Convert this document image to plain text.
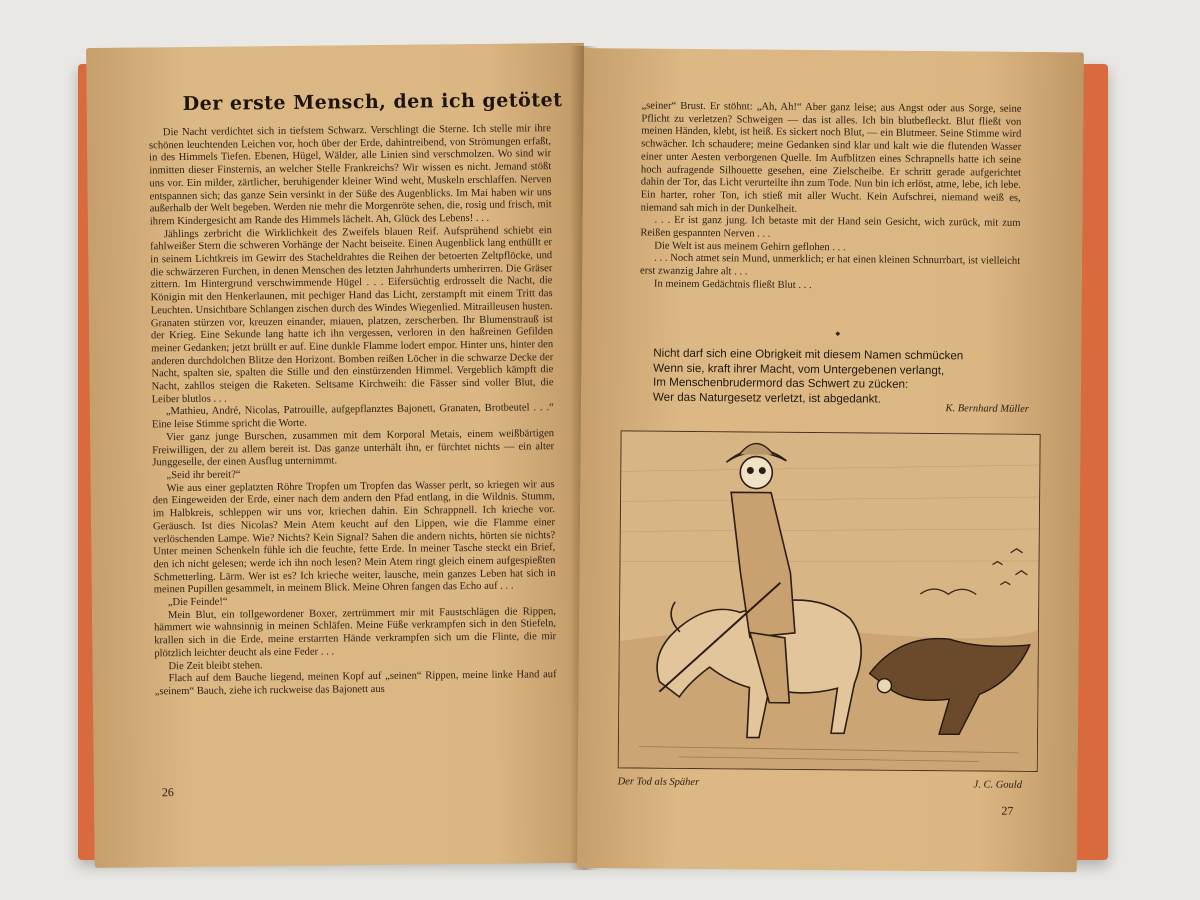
Der erste Mensch, den ich getötet

Die Nacht verdichtet sich in tiefstem Schwarz. Verschlingt die Sterne. Ich stelle mir ihre schönen leuchtenden Leichen vor, hoch über der Erde, dahintreibend, von Strömungen erfaßt, in des Himmels Tiefen. Ebenen, Hügel, Wälder, alle Linien sind verschmolzen. Wo sind wir inmitten dieser Finsternis, an welcher Stelle Frankreichs? Wir wissen es nicht. Jemand stößt uns vor. Ein milder, zärtlicher, beruhigender kleiner Wind weht, Muskeln erschlaffen. Nerven entspannen sich; das ganze Sein versinkt in der Süße des Augenblicks. Im Mai haben wir uns außerhalb der Welt begeben. Werden nie mehr die Morgenröte sehen, die, rosig und frisch, mit ihrem Kindergesicht am Rande des Himmels lächelt. Ah, Glück des Lebens! . . .

Jählings zerbricht die Wirklichkeit des Zweifels blauen Reif. Aufsprühend schiebt ein fahlweißer Stern die schweren Vorhänge der Nacht beiseite. Einen Augenblick lang enthüllt er in seinem Lichtkreis im Gewirr des Stacheldrahtes die Reihen der betoerten Zeltpflöcke, und die schwärzeren Furchen, in denen Menschen des letzten Jahrhunderts umherirren. Die Gräser zittern. Im Hintergrund verschwimmende Hügel . . . Eifersüchtig erdrosselt die Nacht, die Königin mit den Henkerlaunen, mit pechiger Hand das Licht, zerstampft mit einem Tritt das Leuchten. Unsichtbare Schlangen zischen durch des Windes Wiegenlied. Mitrailleusen husten. Granaten stürzen vor, kreuzen einander, miauen, platzen, zerscherben. Ihr Blumenstrauß ist der Krieg. Eine Sekunde lang hatte ich ihn vergessen, verloren in den haßreinen Gefilden meiner Gedanken; jetzt brüllt er auf. Eine dunkle Flamme lodert empor. Hinter uns, hinter den anderen durchdolchen Blitze den Horizont. Bomben reißen Löcher in die schwarze Decke der Nacht, spalten sie, spalten die Stille und den einstürzenden Himmel. Vergeblich kämpft die Nacht, zahllos steigen die Raketen. Seltsame Kirchweih: die Fässer sind voller Blut, die Leiber blutlos . . .

„Mathieu, André, Nicolas, Patrouille, aufgepflanztes Bajonett, Granaten, Brotbeutel . . .“ Eine leise Stimme spricht die Worte.

Vier ganz junge Burschen, zusammen mit dem Korporal Metais, einem weißbärtigen Freiwilligen, der zu allem bereit ist. Das ganze unterhält ihn, er fürchtet nichts — ein alter Junggeselle, der einen Ausflug unternimmt.

„Seid ihr bereit?“

Wie aus einer geplatzten Röhre Tropfen um Tropfen das Wasser perlt, so kriegen wir aus den Eingeweiden der Erde, einer nach dem andern den Pfad entlang, in die Wildnis. Stumm, im Halbkreis, schleppen wir uns vor, kriechen dahin. Ein Schrappnell. Ich krieche vor. Geräusch. Ist dies Nicolas? Mein Atem keucht auf den Lippen, wie die Flamme einer verlöschenden Lampe. Wie? Nichts? Kein Signal? Sahen die andern nichts, hörten sie nichts? Unter meinen Schenkeln fühle ich die feuchte, fette Erde. In meiner Tasche steckt ein Brief, den ich nicht gelesen; werde ich ihn noch lesen? Mein Atem ringt gleich einem aufgespießten Schmetterling. Lärm. Wer ist es? Ich krieche weiter, lausche, mein ganzes Leben hat sich in meinen Pupillen gesammelt, in meinem Blick. Meine Ohren fangen das Echo auf . . .

„Die Feinde!“

Mein Blut, ein tollgewordener Boxer, zertrümmert mir mit Faustschlägen die Rippen, hämmert wie wahnsinnig in meinen Schläfen. Meine Füße verkrampfen sich in den Stiefeln, krallen sich in die Erde, meine erstarrten Hände verkrampfen sich um die Flinte, die mir plötzlich leichter deucht als eine Feder . . .

Die Zeit bleibt stehen.

Flach auf dem Bauche liegend, meinen Kopf auf „seinen“ Rippen, meine linke Hand auf „seinem“ Bauch, ziehe ich ruckweise das Bajonett aus

26

„seiner“ Brust. Er stöhnt: „Ah, Ah!“ Aber ganz leise; aus Angst oder aus Sorge, seine Pflicht zu verletzen? Schweigen — das ist alles. Ich bin blutbefleckt. Blut fließt von meinen Händen, klebt, ist heiß. Es sickert noch Blut, — ein Blutmeer. Seine Stimme wird schwächer. Ich schaudere; meine Gedanken sind klar und kalt wie die flutenden Wasser einer unter Aesten verborgenen Quelle. Im Aufblitzen eines Schrapnells hatte ich seine hoch aufragende Silhouette gesehen, eine Zielscheibe. Er schritt gerade aufgerichtet dahin der Tor, das Licht verurteilte ihn zum Tode. Nun bin ich erlöst, atme, lebe, ich lebe. Ein harter, roher Ton, ich stieß mit aller Wucht. Kein Aufschrei, niemand weiß es, niemand sah mich in der Dunkelheit.

. . . Er ist ganz jung. Ich betaste mit der Hand sein Gesicht, wich zurück, mit zum Reißen gespannten Nerven . . .

Die Welt ist aus meinem Gehirn geflohen . . .

. . . Noch atmet sein Mund, unmerklich; er hat einen kleinen Schnurrbart, ist vielleicht erst zwanzig Jahre alt . . .

In meinem Gedächtnis fließt Blut . . .

◆
Nicht darf sich eine Obrigkeit mit diesem Namen schmücken
Wenn sie, kraft ihrer Macht, vom Untergebenen verlangt,
Im Menschenbrudermord das Schwert zu zücken:
Wer das Naturgesetz verletzt, ist abgedankt.
K. Bernhard Müller
Der Tod als Späher	J. C. Gould
27
